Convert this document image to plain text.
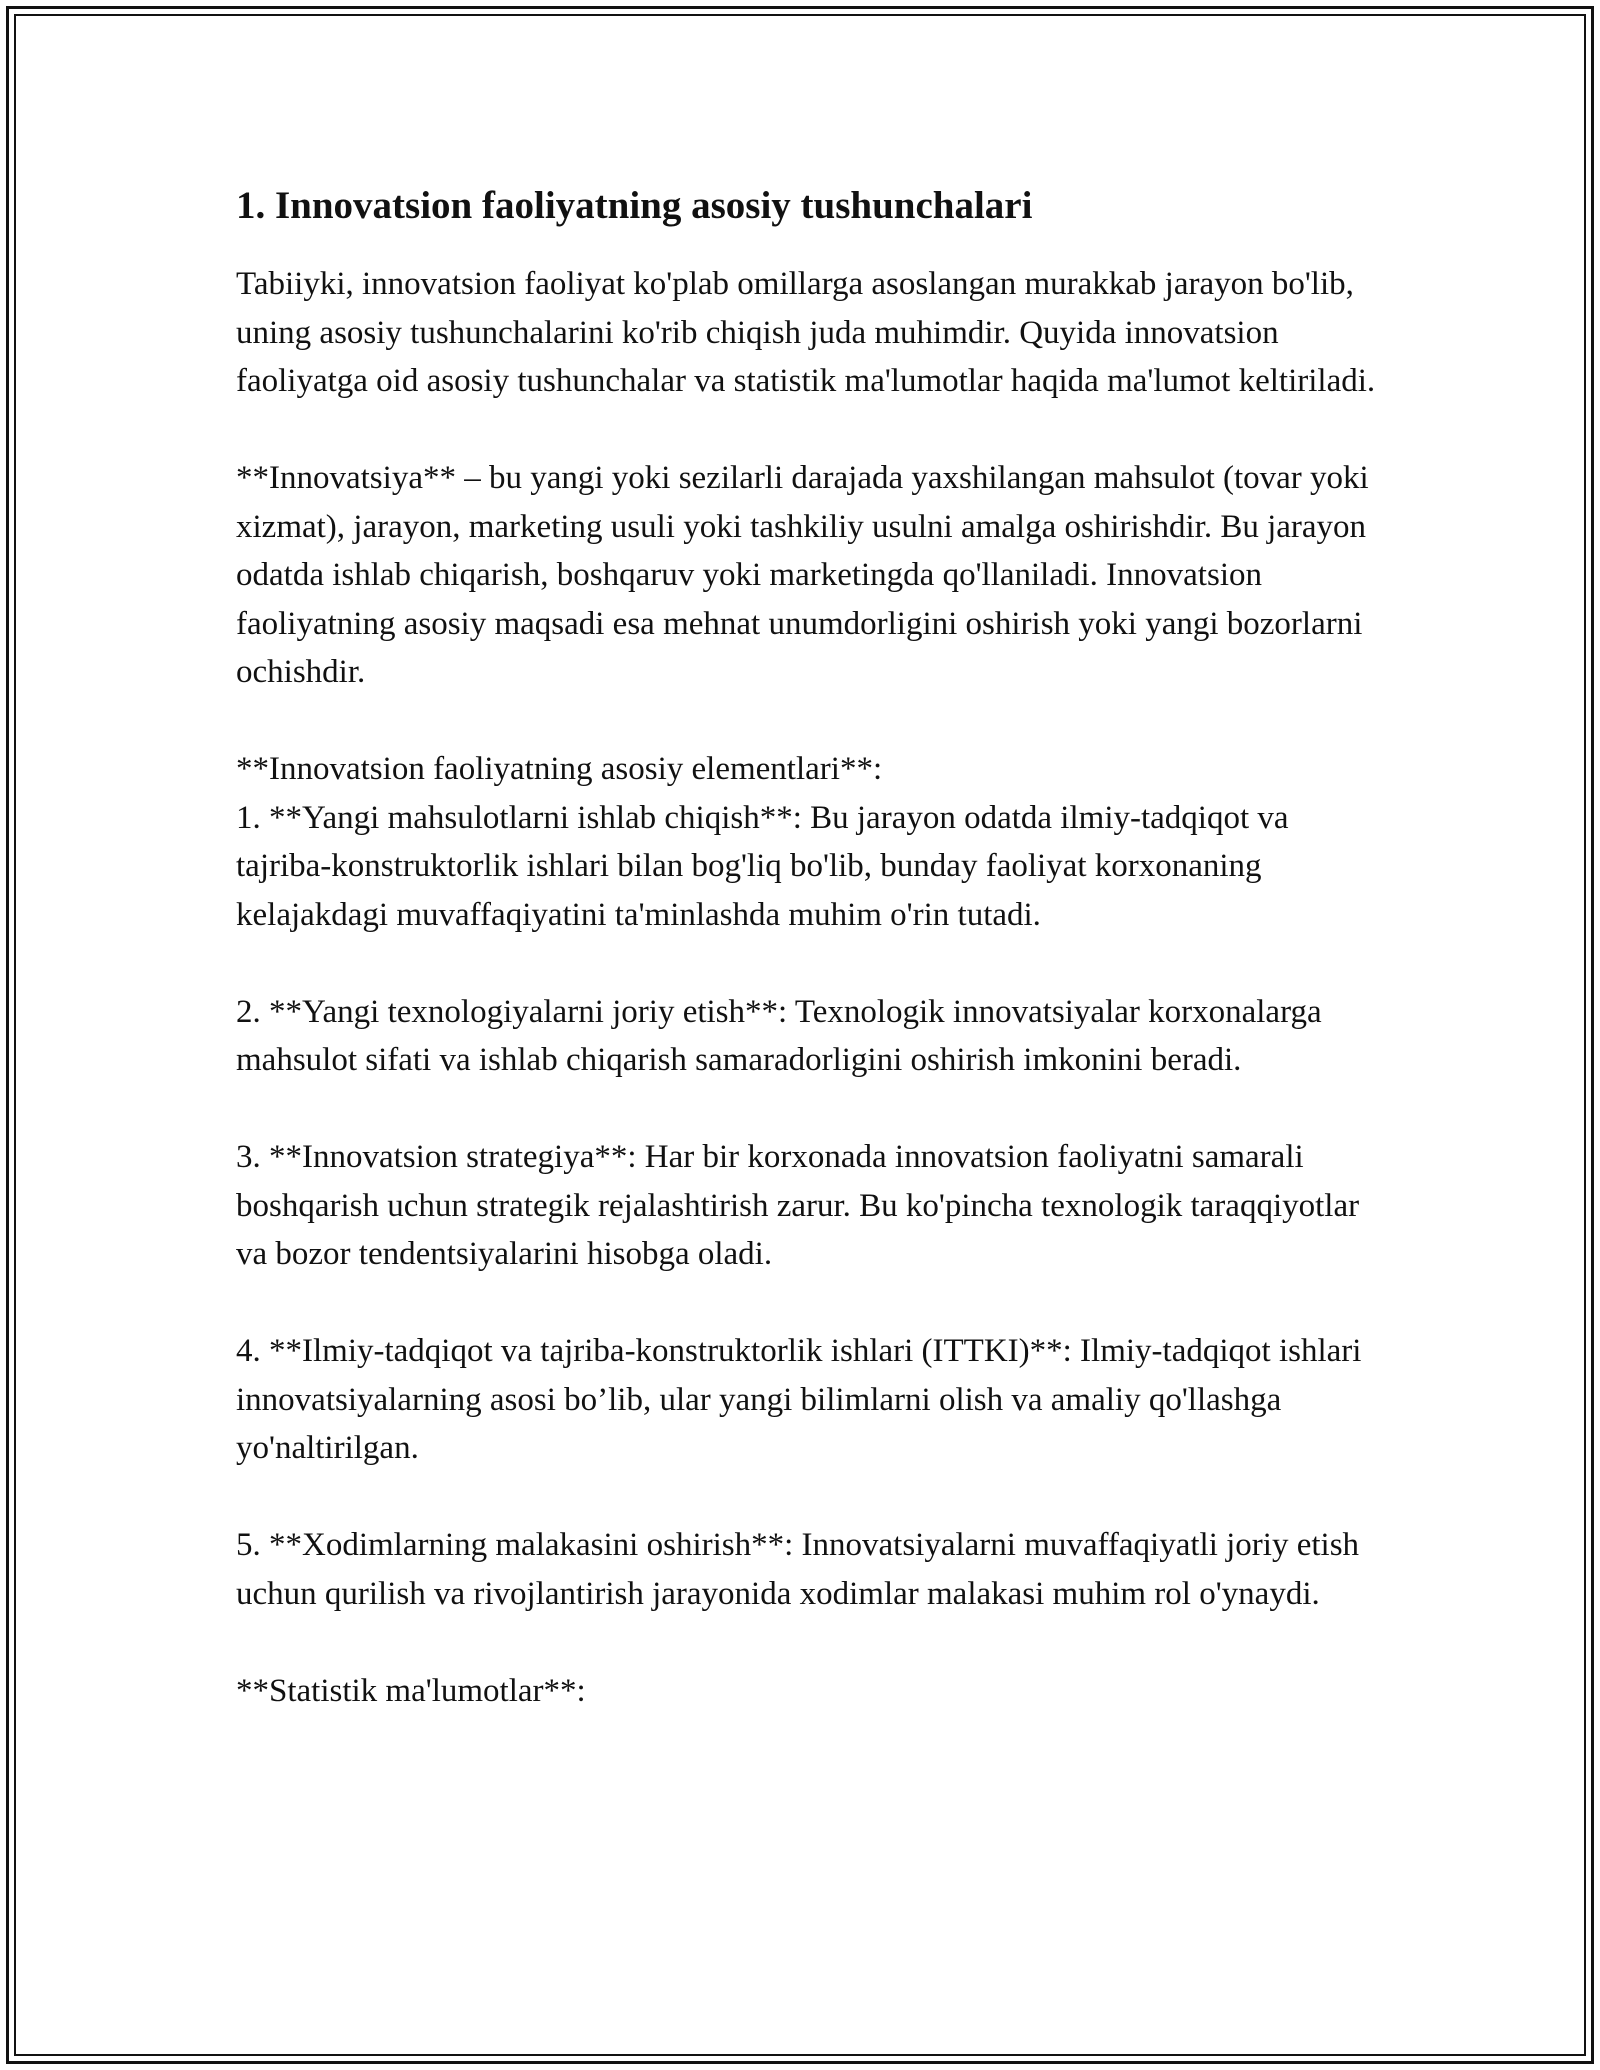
1. Innovatsion faoliyatning asosiy tushunchalari

Tabiiyki, innovatsion faoliyat ko'plab omillarga asoslangan murakkab jarayon bo'lib, uning asosiy tushunchalarini ko'rib chiqish juda muhimdir. Quyida innovatsion faoliyatga oid asosiy tushunchalar va statistik ma'lumotlar haqida ma'lumot keltiriladi.

**Innovatsiya** – bu yangi yoki sezilarli darajada yaxshilangan mahsulot (tovar yoki xizmat), jarayon, marketing usuli yoki tashkiliy usulni amalga oshirishdir. Bu jarayon odatda ishlab chiqarish, boshqaruv yoki marketingda qo'llaniladi. Innovatsion faoliyatning asosiy maqsadi esa mehnat unumdorligini oshirish yoki yangi bozorlarni ochishdir.

**Innovatsion faoliyatning asosiy elementlari**:

1. **Yangi mahsulotlarni ishlab chiqish**: Bu jarayon odatda ilmiy-tadqiqot va tajriba-konstruktorlik ishlari bilan bog'liq bo'lib, bunday faoliyat korxonaning kelajakdagi muvaffaqiyatini ta'minlashda muhim o'rin tutadi.

2. **Yangi texnologiyalarni joriy etish**: Texnologik innovatsiyalar korxonalarga mahsulot sifati va ishlab chiqarish samaradorligini oshirish imkonini beradi.

3. **Innovatsion strategiya**: Har bir korxonada innovatsion faoliyatni samarali boshqarish uchun strategik rejalashtirish zarur. Bu ko'pincha texnologik taraqqiyotlar va bozor tendentsiyalarini hisobga oladi.

4. **Ilmiy-tadqiqot va tajriba-konstruktorlik ishlari (ITTKI)**: Ilmiy-tadqiqot ishlari innovatsiyalarning asosi bo’lib, ular yangi bilimlarni olish va amaliy qo'llashga yo'naltirilgan.

5. **Xodimlarning malakasini oshirish**: Innovatsiyalarni muvaffaqiyatli joriy etish uchun qurilish va rivojlantirish jarayonida xodimlar malakasi muhim rol o'ynaydi.

**Statistik ma'lumotlar**:
